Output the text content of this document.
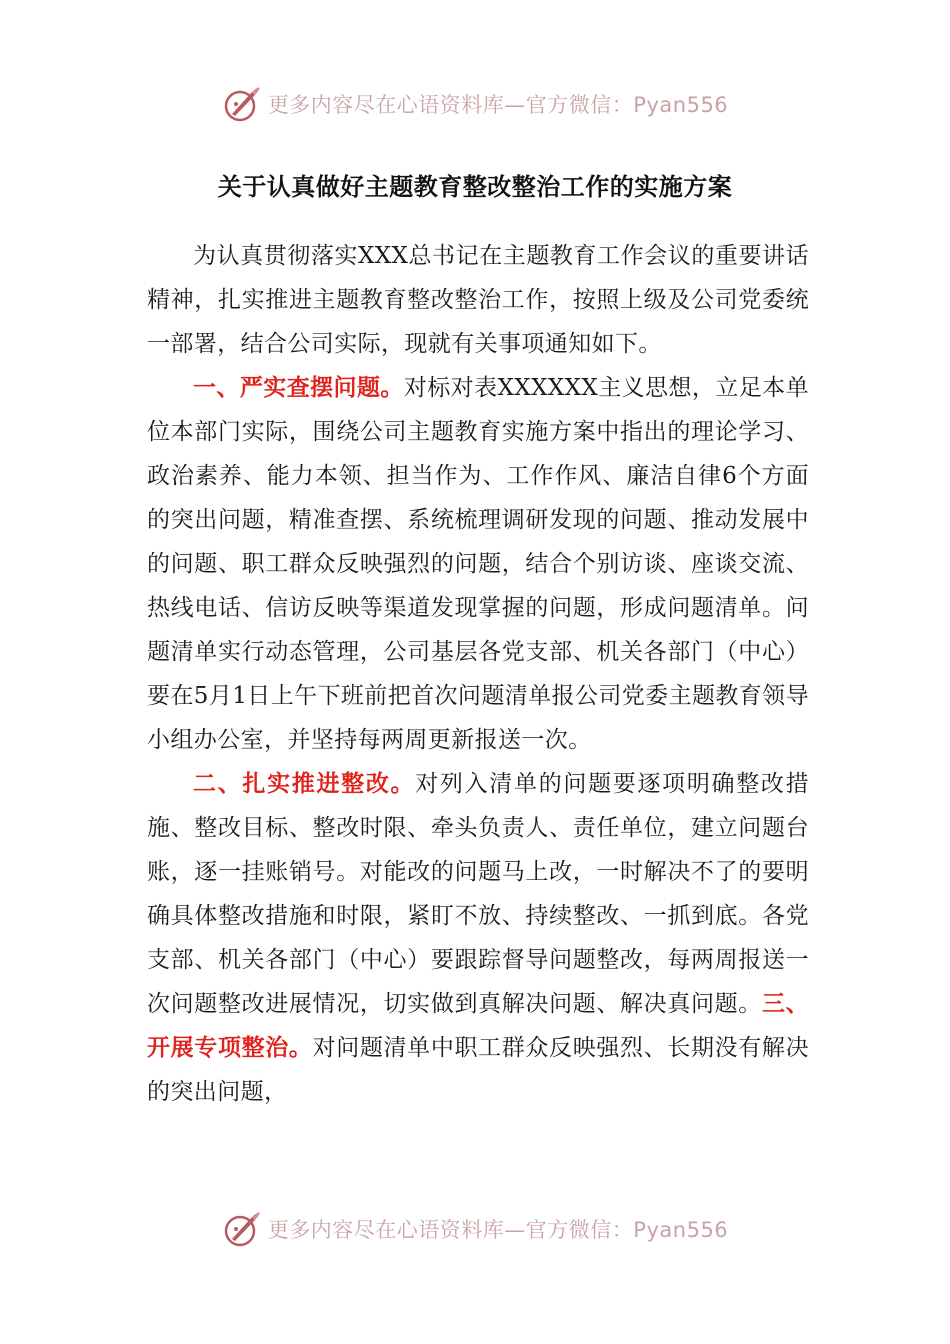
更多内容尽在心语资料库—官方微信：Pyan556
关于认真做好主题教育整改整治工作的实施方案

为认真贯彻落实XXX总书记在主题教育工作会议的重要讲话精神，扎实推进主题教育整改整治工作，按照上级及公司党委统一部署，结合公司实际，现就有关事项通知如下。

一、严实查摆问题。对标对表XXXXXX主义思想，立足本单位本部门实际，围绕公司主题教育实施方案中指出的理论学习、政治素养、能力本领、担当作为、工作作风、廉洁自律6个方面的突出问题，精准查摆、系统梳理调研发现的问题、推动发展中的问题、职工群众反映强烈的问题，结合个别访谈、座谈交流、热线电话、信访反映等渠道发现掌握的问题，形成问题清单。问题清单实行动态管理，公司基层各党支部、机关各部门（中心）要在5月1日上午下班前把首次问题清单报公司党委主题教育领导小组办公室，并坚持每两周更新报送一次。

二、扎实推进整改。对列入清单的问题要逐项明确整改措施、整改目标、整改时限、牵头负责人、责任单位，建立问题台账，逐一挂账销号。对能改的问题马上改，一时解决不了的要明确具体整改措施和时限，紧盯不放、持续整改、一抓到底。各党支部、机关各部门（中心）要跟踪督导问题整改，每两周报送一次问题整改进展情况，切实做到真解决问题、解决真问题。三、开展专项整治。对问题清单中职工群众反映强烈、长期没有解决的突出问题，

更多内容尽在心语资料库—官方微信：Pyan556
